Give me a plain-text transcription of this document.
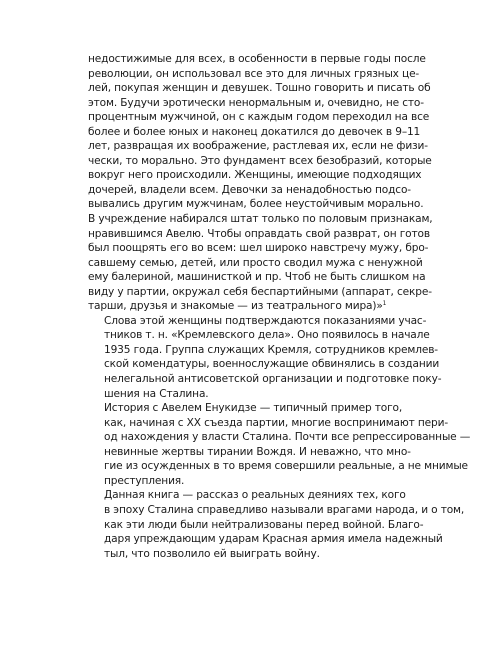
недостижимые для всех, в особенности в первые годы после
революции, он использовал все это для личных грязных це-
лей, покупая женщин и девушек. Тошно говорить и писать об
этом. Будучи эротически ненормальным и, очевидно, не сто-
процентным мужчиной, он с каждым годом переходил на все
более и более юных и наконец докатился до девочек в 9–11
лет, развращая их воображение, растлевая их, если не физи-
чески, то морально. Это фундамент всех безобразий, которые
вокруг него происходили. Женщины, имеющие подходящих
дочерей, владели всем. Девочки за ненадобностью подсо-
вывались другим мужчинам, более неустойчивым морально.
В учреждение набирался штат только по половым признакам,
нравившимся Авелю. Чтобы оправдать свой разврат, он готов
был поощрять его во всем: шел широко навстречу мужу, бро-
савшему семью, детей, или просто сводил мужа с ненужной
ему балериной, машинисткой и пр. Чтоб не быть слишком на
виду у партии, окружал себя беспартийными (аппарат, секре-
тарши, друзья и знакомые — из театрального мира)»$^1$

Слова этой женщины подтверждаются показаниями учас-
тников т. н. «Кремлевского дела». Оно появилось в начале
1935 года. Группа служащих Кремля, сотрудников кремлев-
ской комендатуры, военнослужащие обвинялись в создании
нелегальной антисоветской организации и подготовке поку-
шения на Сталина.

История с Авелем Енукидзе — типичный пример того,
как, начиная с XX съезда партии, многие воспринимают пери-
од нахождения у власти Сталина. Почти все репрессированные —
невинные жертвы тирании Вождя. И неважно, что мно-
гие из осужденных в то время совершили реальные, а не мнимые
преступления.

Данная книга — рассказ о реальных деяниях тех, кого
в эпоху Сталина справедливо называли врагами народа, и о том,
как эти люди были нейтрализованы перед войной. Благо-
даря упреждающим ударам Красная армия имела надежный
тыл, что позволило ей выиграть войну.
